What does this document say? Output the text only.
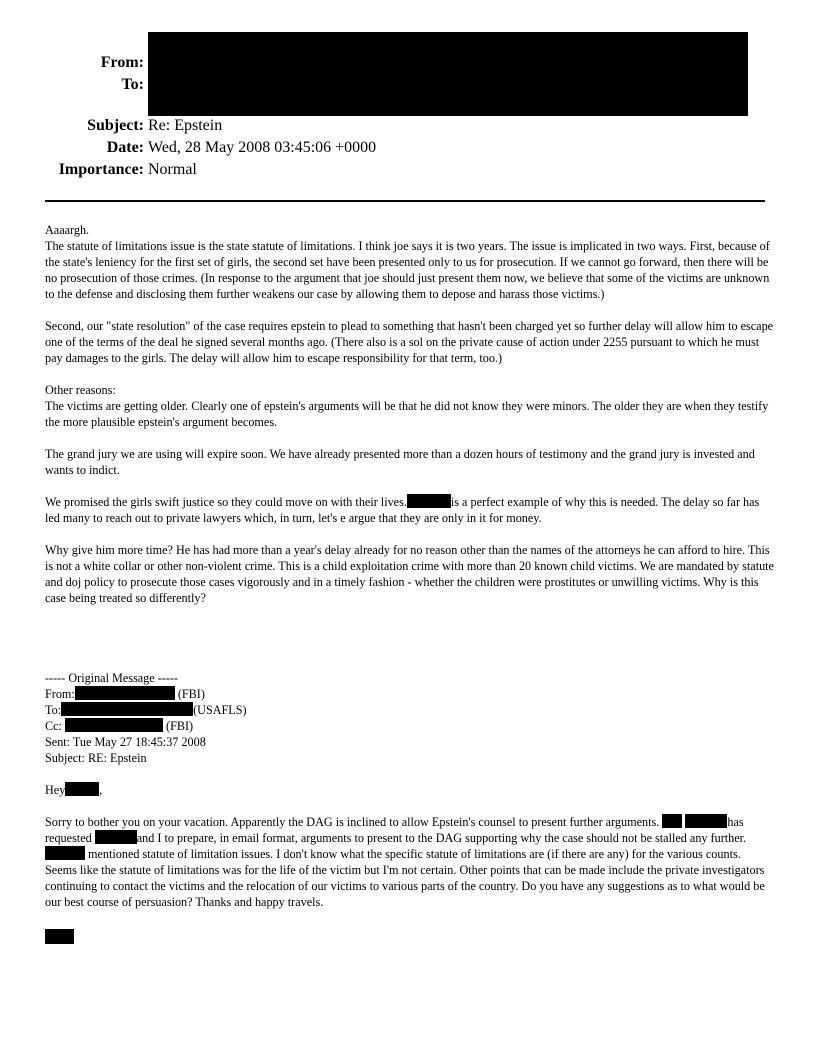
From:
To:
Subject: Re: Epstein
Date: Wed, 28 May 2008 03:45:06 +0000
Importance: Normal

Aaaargh.
The statute of limitations issue is the state statute of limitations. I think joe says it is two years. The issue is implicated in two ways. First, because of the state's leniency for the first set of girls, the second set have been presented only to us for prosecution. If we cannot go forward, then there will be no prosecution of those crimes. (In response to the argument that joe should just present them now, we believe that some of the victims are unknown to the defense and disclosing them further weakens our case by allowing them to depose and harass those victims.)

Second, our "state resolution" of the case requires epstein to plead to something that hasn't been charged yet so further delay will allow him to escape one of the terms of the deal he signed several months ago. (There also is a sol on the private cause of action under 2255 pursuant to which he must pay damages to the girls. The delay will allow him to escape responsibility for that term, too.)

Other reasons:
The victims are getting older. Clearly one of epstein's arguments will be that he did not know they were minors. The older they are when they testify the more plausible epstein's argument becomes.

The grand jury we are using will expire soon. We have already presented more than a dozen hours of testimony and the grand jury is invested and wants to indict.

We promised the girls swift justice so they could move on with their lives.	is a perfect example of why this is needed. The delay so far has led many to reach out to private lawyers which, in turn, let's e argue that they are only in it for money.

Why give him more time? He has had more than a year's delay already for no reason other than the names of the attorneys he can afford to hire. This is not a white collar or other non-violent crime. This is a child exploitation crime with more than 20 known child victims. We are mandated by statute and doj policy to prosecute those cases vigorously and in a timely fashion - whether the children were prostitutes or unwilling victims. Why is this case being treated so differently?

----- Original Message -----
From:	(FBI)
To:	(USAFLS)
Cc:	(FBI)
Sent: Tue May 27 18:45:37 2008
Subject: RE: Epstein
Hey	,
Sorry to bother you on your vacation. Apparently the DAG is inclined to allow Epstein's counsel to present further arguments.	has requested	and I to prepare, in email format, arguments to present to the DAG supporting why the case should not be stalled any further.  mentioned statute of limitation issues. I don't know what the specific statute of limitations are (if there are any) for the various counts. Seems like the statute of limitations was for the life of the victim but I'm not certain. Other points that can be made include the private investigators continuing to contact the victims and the relocation of our victims to various parts of the country. Do you have any suggestions as to what would be our best course of persuasion? Thanks and happy travels.
